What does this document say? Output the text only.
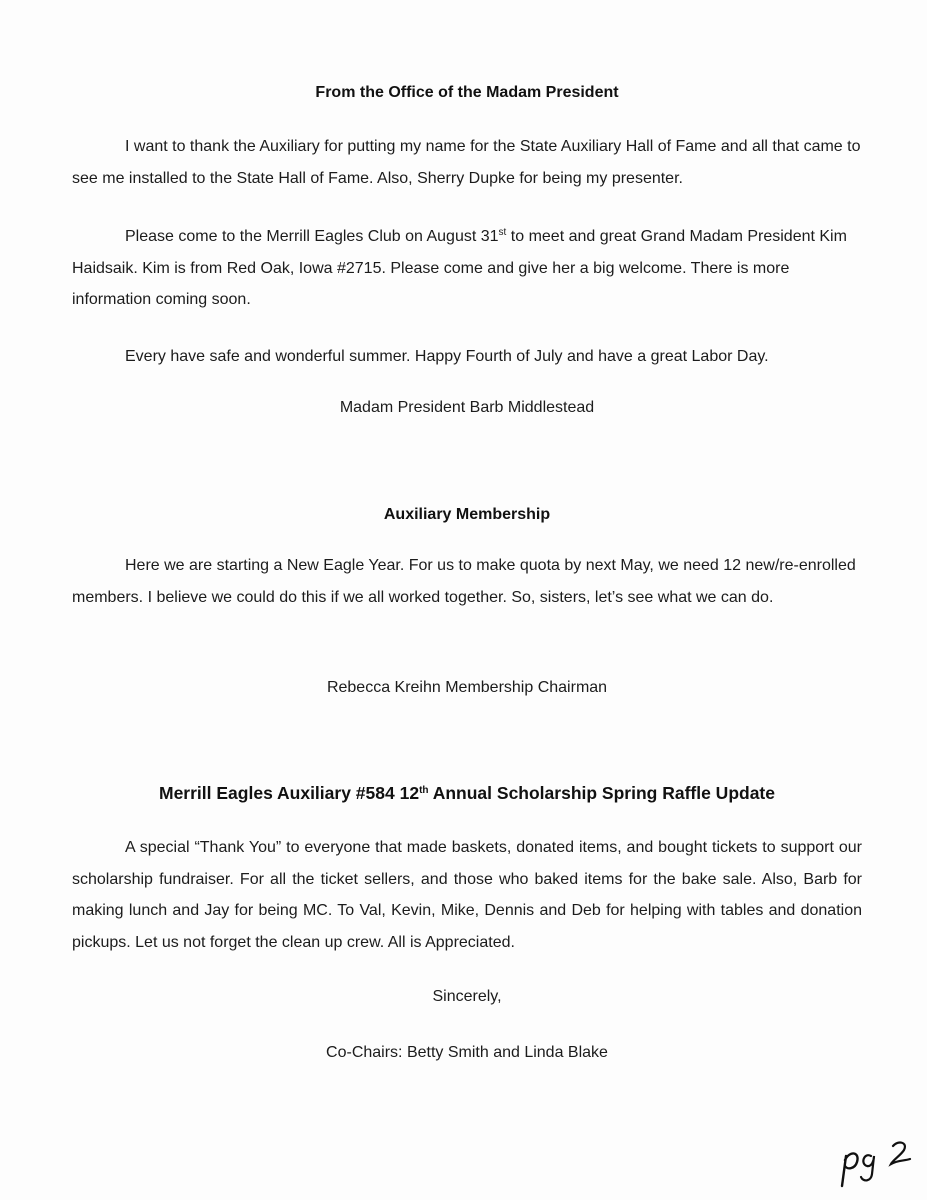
From the Office of the Madam President

I want to thank the Auxiliary for putting my name for the State Auxiliary Hall of Fame and all that came to see me installed to the State Hall of Fame. Also, Sherry Dupke for being my presenter.

Please come to the Merrill Eagles Club on August 31st to meet and great Grand Madam President Kim Haidsaik. Kim is from Red Oak, Iowa #2715. Please come and give her a big welcome. There is more information coming soon.

Every have safe and wonderful summer. Happy Fourth of July and have a great Labor Day.

Madam President Barb Middlestead

Auxiliary Membership

Here we are starting a New Eagle Year. For us to make quota by next May, we need 12 new/re-enrolled members. I believe we could do this if we all worked together. So, sisters, let’s see what we can do.

Rebecca Kreihn Membership Chairman

Merrill Eagles Auxiliary #584 12th Annual Scholarship Spring Raffle Update

A special “Thank You” to everyone that made baskets, donated items, and bought tickets to support our scholarship fundraiser. For all the ticket sellers, and those who baked items for the bake sale. Also, Barb for making lunch and Jay for being MC. To Val, Kevin, Mike, Dennis and Deb for helping with tables and donation pickups. Let us not forget the clean up crew. All is Appreciated.

Sincerely,

Co-Chairs: Betty Smith and Linda Blake
